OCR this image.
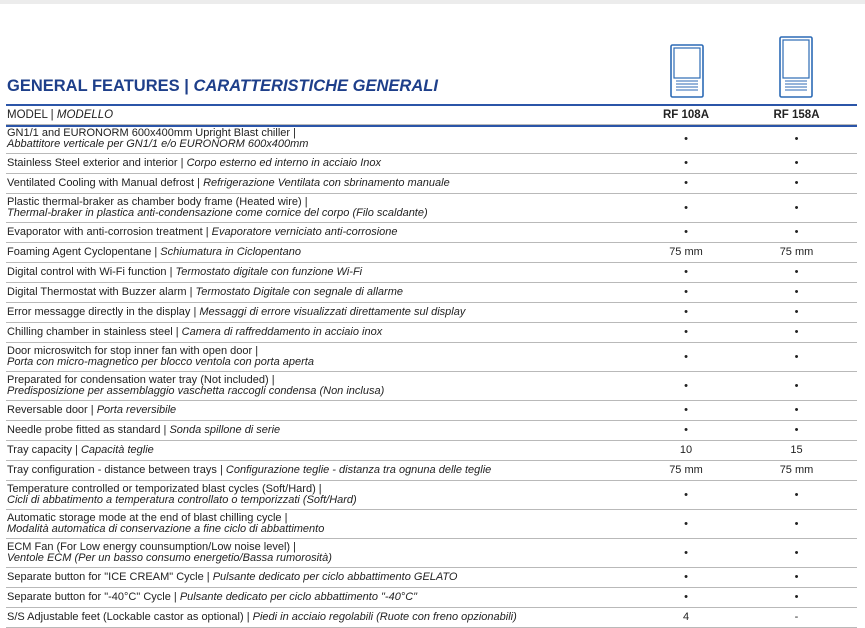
GENERAL FEATURES | CARATTERISTICHE GENERALI
MODEL | MODELLO	RF 108A	RF 158A
GN1/1 and EURONORM 600x400mm Upright Blast chiller |
Abbattitore verticale per GN1/1 e/o EURONORM 600x400mm	•	•
Stainless Steel exterior and interior | Corpo esterno ed interno in acciaio Inox	•	•
Ventilated Cooling with Manual defrost | Refrigerazione Ventilata con sbrinamento manuale	•	•
Plastic thermal-braker as chamber body frame (Heated wire) |
Thermal-braker in plastica anti-condensazione come cornice del corpo (Filo scaldante)	•	•
Evaporator with anti-corrosion treatment | Evaporatore verniciato anti-corrosione	•	•
Foaming Agent Cyclopentane | Schiumatura in Ciclopentano	75 mm	75 mm
Digital control with Wi-Fi function | Termostato digitale con funzione Wi-Fi	•	•
Digital Thermostat with Buzzer alarm | Termostato Digitale con segnale di allarme	•	•
Error messagge directly in the display | Messaggi di errore visualizzati direttamente sul display	•	•
Chilling chamber in stainless steel | Camera di raffreddamento in acciaio inox	•	•
Door microswitch for stop inner fan with open door |
Porta con micro-magnetico per blocco ventola con porta aperta	•	•
Preparated for condensation water tray (Not included) |
Predisposizione per assemblaggio vaschetta raccogli condensa (Non inclusa)	•	•
Reversable door | Porta reversibile	•	•
Needle probe fitted as standard | Sonda spillone di serie	•	•
Tray capacity | Capacità teglie	10	15
Tray configuration - distance between trays | Configurazione teglie - distanza tra ognuna delle teglie	75 mm	75 mm
Temperature controlled or temporizated blast cycles (Soft/Hard) |
Cicli di abbatimento a temperatura controllato o temporizzati (Soft/Hard)	•	•
Automatic storage mode at the end of blast chilling cycle |
Modalità automatica di conservazione a fine ciclo di abbattimento	•	•
ECM Fan (For Low energy counsumption/Low noise level) |
Ventole ECM (Per un basso consumo energetio/Bassa rumorosità)	•	•
Separate button for "ICE CREAM" Cycle | Pulsante dedicato per ciclo abbattimento GELATO	•	•
Separate button for "-40°C" Cycle | Pulsante dedicato per ciclo abbattimento "-40°C"	•	•
S/S Adjustable feet (Lockable castor as optional) | Piedi in acciaio regolabili (Ruote con freno opzionabili)	4	-
